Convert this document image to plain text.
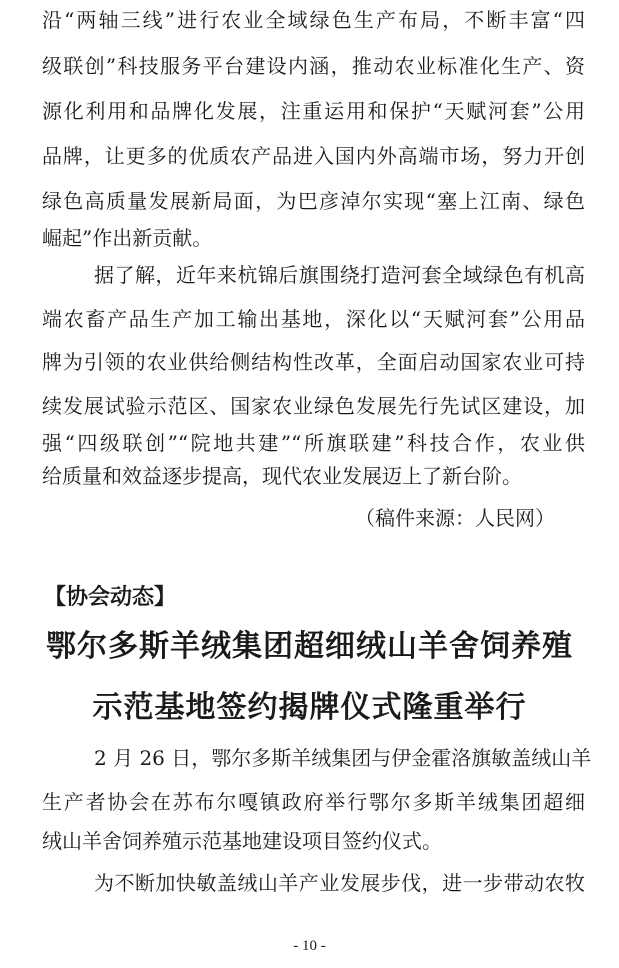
沿“两轴三线”进行农业全域绿色生产布局，不断丰富“四
级联创”科技服务平台建设内涵，推动农业标准化生产、资
源化利用和品牌化发展，注重运用和保护“天赋河套”公用
品牌，让更多的优质农产品进入国内外高端市场，努力开创
绿色高质量发展新局面，为巴彦淖尔实现“塞上江南、绿色
崛起”作出新贡献。
据了解，近年来杭锦后旗围绕打造河套全域绿色有机高
端农畜产品生产加工输出基地，深化以“天赋河套”公用品
牌为引领的农业供给侧结构性改革，全面启动国家农业可持
续发展试验示范区、国家农业绿色发展先行先试区建设，加
强“四级联创”“院地共建”“所旗联建”科技合作，农业供
给质量和效益逐步提高，现代农业发展迈上了新台阶。
（稿件来源：人民网）
【协会动态】
鄂尔多斯羊绒集团超细绒山羊舍饲养殖
示范基地签约揭牌仪式隆重举行
2 月 26 日，鄂尔多斯羊绒集团与伊金霍洛旗敏盖绒山羊
生产者协会在苏布尔嘎镇政府举行鄂尔多斯羊绒集团超细
绒山羊舍饲养殖示范基地建设项目签约仪式。
为不断加快敏盖绒山羊产业发展步伐，进一步带动农牧
- 10 -
